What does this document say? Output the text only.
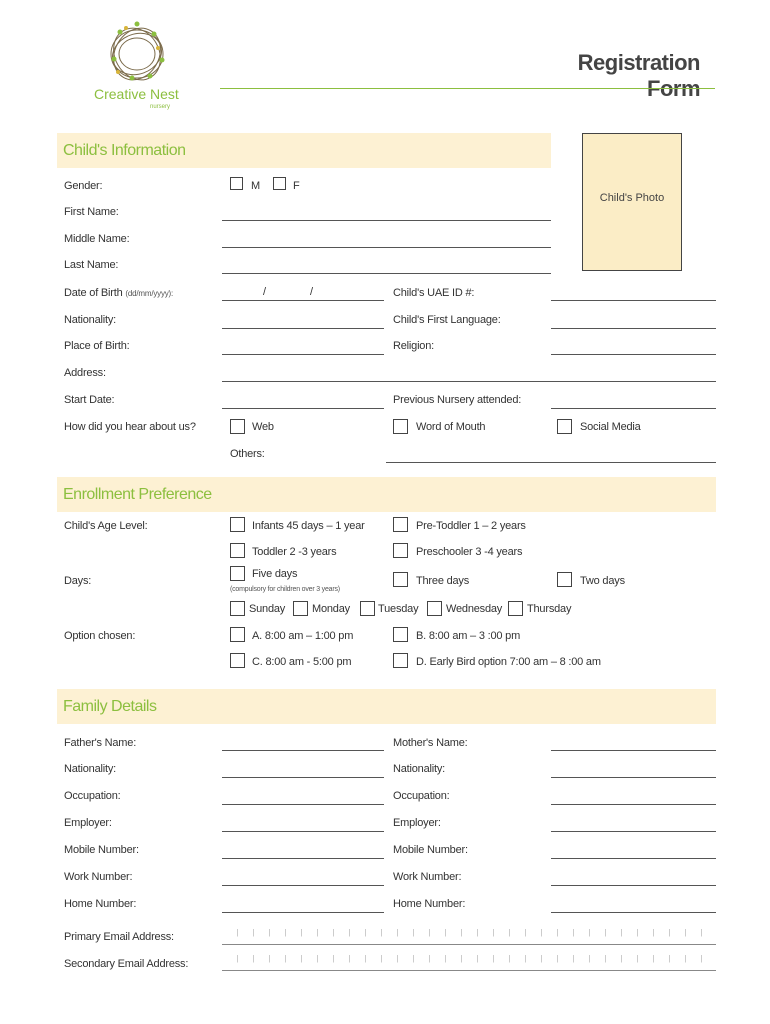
Creative Nest
nursery
Registration Form
Child's Photo
Child's Information
Gender:	M	F
First Name:
Middle Name:
Last Name:
Date of Birth (dd/mm/yyyy):	/	/	Child's UAE ID #:
Nationality:	Child's First Language:
Place of Birth:	Religion:
Address:
Start Date:	Previous Nursery attended:
How did you hear about us?	Web	Word of Mouth	Social Media
Others:
Enrollment Preference
Child's Age Level:	Infants 45 days – 1 year	Pre-Toddler 1 – 2 years
Toddler 2 -3 years	Preschooler 3 -4 years
Days:
Five days
(compulsory for children over 3 years)
Three days	Two days
Sunday Monday	Tuesday	Wednesday Thursday
Option chosen:	A. 8:00 am – 1:00 pm	B. 8:00 am – 3 :00 pm
C. 8:00 am - 5:00 pm	D. Early Bird option 7:00 am – 8 :00 am
Family Details
Father's Name:	Mother's Name:
Nationality:	Nationality:
Occupation:	Occupation:
Employer:	Employer:
Mobile Number:	Mobile Number:
Work Number:	Work Number:
Home Number:	Home Number:
Primary Email Address:
Secondary Email Address:
